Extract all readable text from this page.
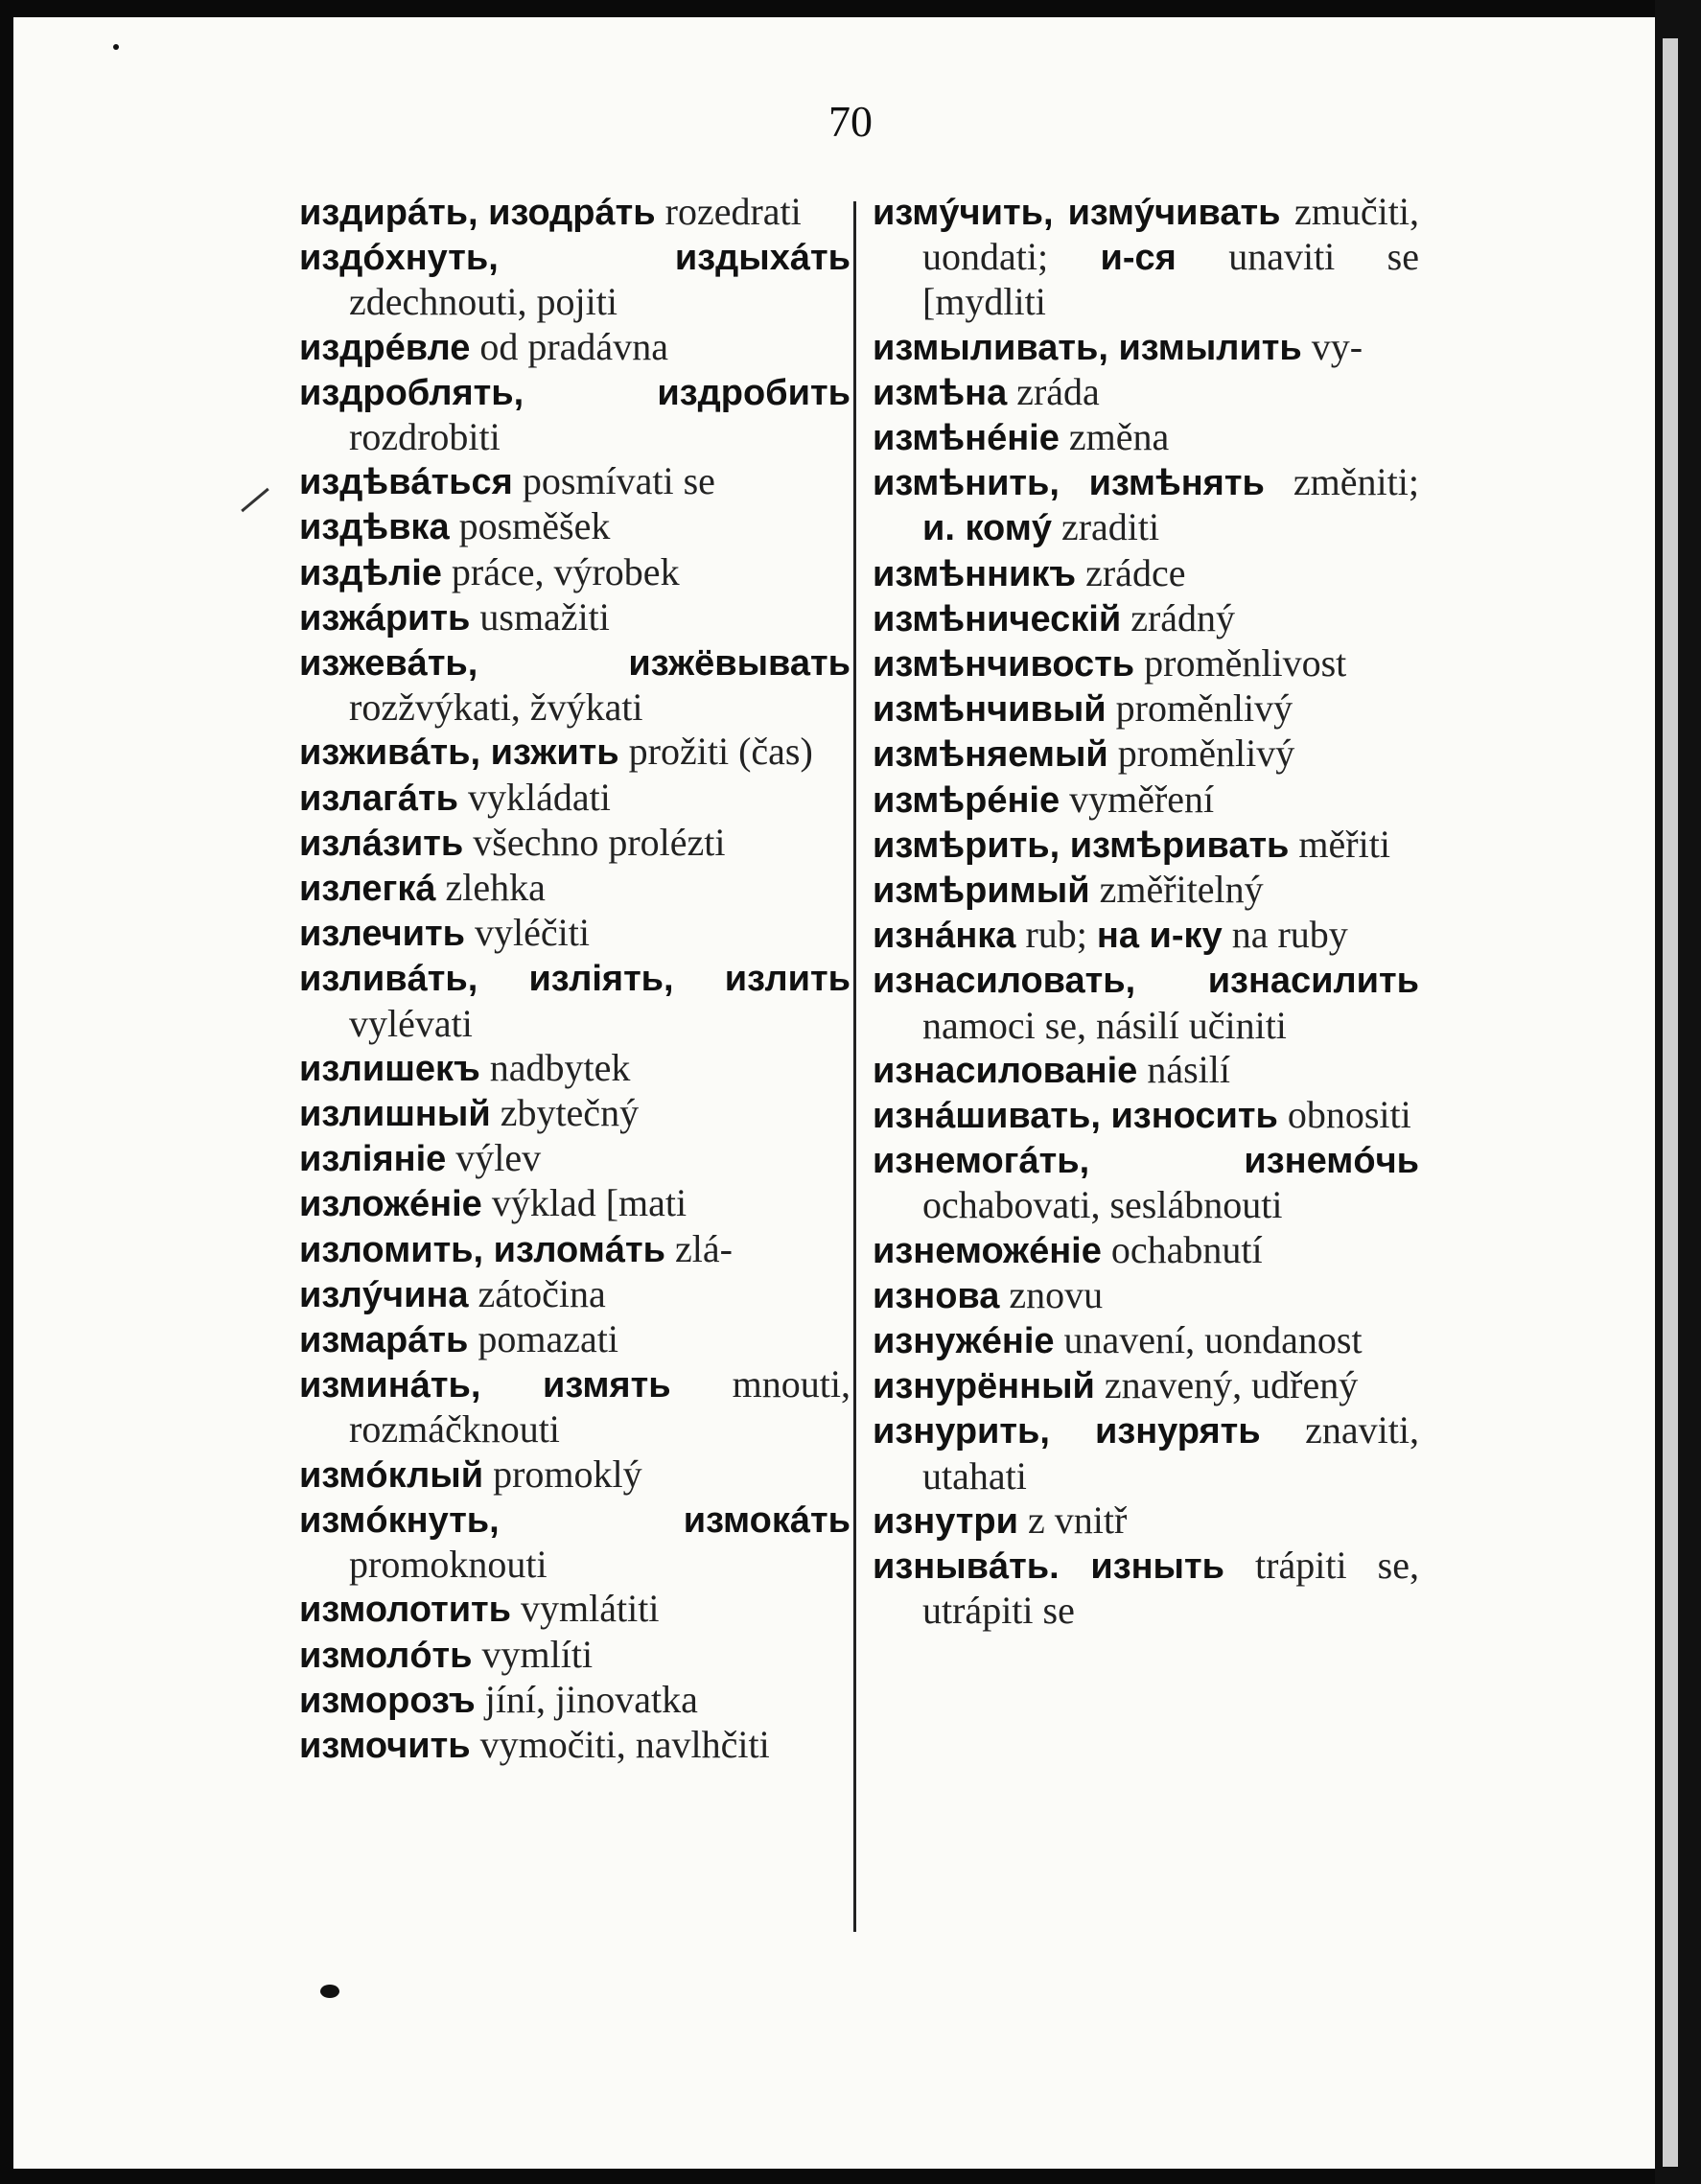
70

издирáть, изодрáть rozedrati

издóхнуть, издыхáть zdechnouti, pojiti

издрéвле od pradávna

издроблять, издробить rozdrobiti

издѣвáться posmívati se

издѣвка posměšek

издѣлie práce, výrobek

изжáрить usmažiti

изжевáть, изжёвывать rozžvýkati, žvýkati

изживáть, изжить prožiti (čas)

излагáть vykládati

излáзить všechno prolézti

излегкá zlehka

излечить vyléčiti

изливáть, излiять, излить vylévati

излишекъ nadbytek

излишный zbytečný

излiянie výlev

изложéнie výklad [mati

изломить, изломáть zlá-

излýчина zátočina

измарáть pomazati

изминáть, измять mnouti, rozmáčknouti

измóклый promoklý

измóкнуть, измокáть promoknouti

измолотить vymlátiti

измолóть vymlíti

изморозъ jíní, jinovatka

измочить vymočiti, navlhčiti

измýчить, измýчивать zmučiti, uondati; и-ся unaviti se [mydliti

измыливать, измылить vy-

измѣна zráda

измѣнéнie změna

измѣнить, измѣнять změniti; и. комý zraditi

измѣнникъ zrádce

измѣническiй zrádný

измѣнчивость proměnlivost

измѣнчивый proměnlivý

измѣняемый proměnlivý

измѣрéнie vyměření

измѣрить, измѣривать měřiti

измѣримый změřitelný

изнáнка rub; на и-ку na ruby

изнасиловать, изнасилить namoci se, násilí učiniti

изнасилованie násilí

изнáшивать, износить obnositi

изнемогáть, изнемóчь ochabovati, seslábnouti

изнеможéнie ochabnutí

изнова znovu

изнужéнie unavení, uondanost

изнурённый znavený, udřený

изнурить, изнурять znaviti, utahati

изнутри z vnitř

изнывáть. изныть trápiti se, utrápiti se
